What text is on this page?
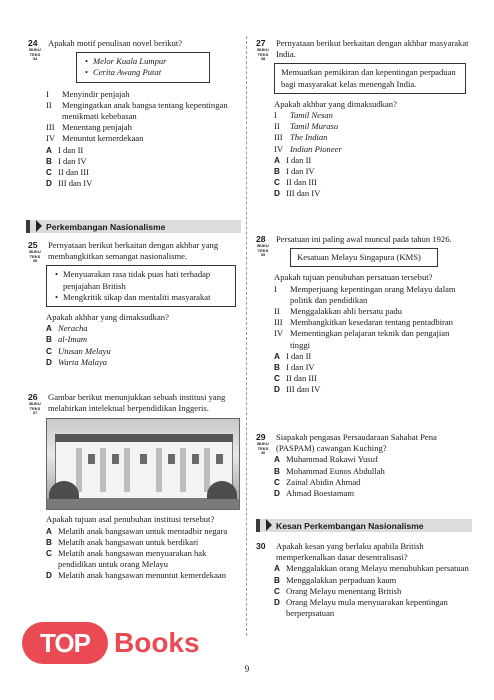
24
BUKU
TEKS
34
Apakah motif penulisan novel berikut?
• Melor Kuala Lumpur
• Cerita Awang Putat
I	Menyindir penjajah
II	Mengingatkan anak bangsa tentang kepentingan menikmati kebebasan
III Menentang penjajah
IV Menuntut kemerdekaan
A I dan II
B I dan IV
C II dan III
D III dan IV
Perkembangan Nasionalisme
25
BUKU
TEKS
36
Pernyataan berikut berkaitan dengan akhbar yang membangkitkan semangat nasionalisme.
• Menyuarakan rasa tidak puas hati terhadap penjajahan British
• Mengkritik sikap dan mentaliti masyarakat
Apakah akhbar yang dimaksudkan?
A Neracha
B al-Imam
C Utusan Melayu
D Warta Malaya
26
BUKU
TEKS
37
Gambar berikut menunjukkan sebuah institusi yang melahirkan intelektual berpendidikan Inggeris.
Apakah tujuan asal penubuhan institusi tersebut?
A Melatih anak bangsawan untuk mentadbir negara
B Melatih anak bangsawan untuk berdikari
C Melatih anak bangsawan menyuarakan hak pendidikan untuk orang Melayu
D Melatih anak bangsawan menuntut kemerdekaan
27
BUKU
TEKS
38
Pernyataan berikut berkaitan dengan akhbar masyarakat India.
Memuatkan pemikiran dan kepentingan perpaduan bagi masyarakat kelas menengah India.
Apakah akhbar yang dimaksudkan?
I	Tamil Nesan
II	Tamil Murasu
III The Indian
IV Indian Pioneer
A I dan II
B I dan IV
C II dan III
D III dan IV
28
BUKU
TEKS
39
Persatuan ini paling awal muncul pada tahun 1926.
Kesatuan Melayu Singapura (KMS)
Apakah tujuan penubuhan persatuan tersebut?
I	Memperjuang kepentingan orang Melayu dalam politik dan pendidikan
II	Menggalakkan ahli bersatu padu
III Membangkitkan kesedaran tentang pentadbiran
IV Mementingkan pelajaran teknik dan pengajian tinggi
A I dan II
B I dan IV
C II dan III
D III dan IV
29
BUKU
TEKS
40
Siapakah pengasas Persaudaraan Sahabat Pena (PASPAM) cawangan Kuching?
A Muhammad Rakawi Yusuf
B Mohammad Eunos Abdullah
C Zainal Abidin Ahmad
D Ahmad Boestamam
Kesan Perkembangan Nasionalisme
30 Apakah kesan yang berlaku apabila British memperkenalkan dasar desentralisasi?
A Menggalakkan orang Melayu menubuhkan persatuan
B Menggalakkan perpaduan kaum
C Orang Melayu menentang British
D Orang Melayu mula menyuarakan kepentingan berperpsatuan
TOP Books
9
